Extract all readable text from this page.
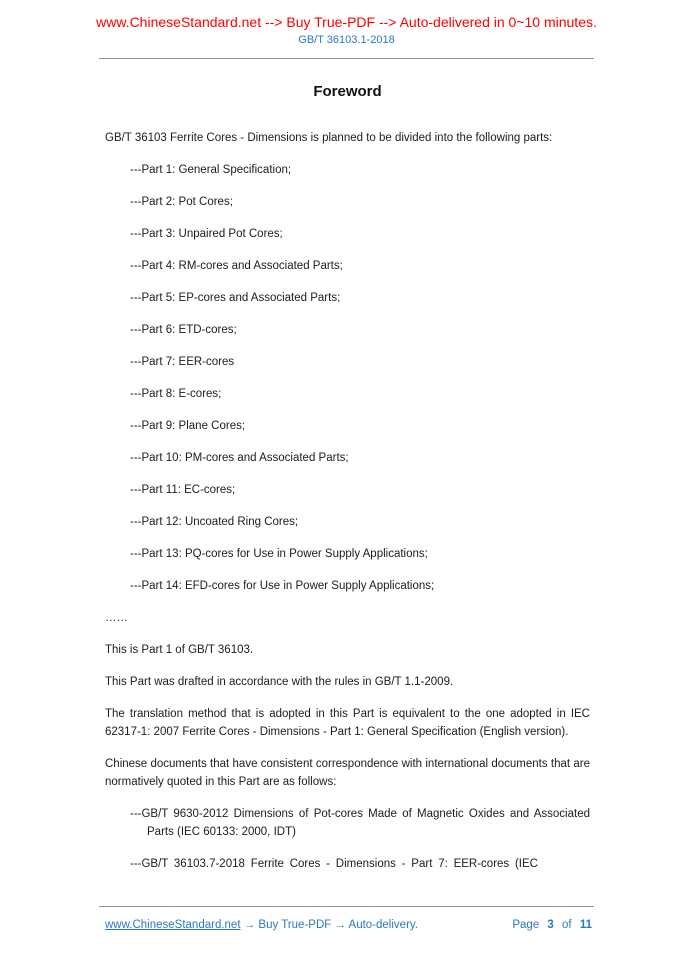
www.ChineseStandard.net --> Buy True-PDF --> Auto-delivered in 0~10 minutes.
GB/T 36103.1-2018
Foreword

GB/T 36103 Ferrite Cores - Dimensions is planned to be divided into the following parts:

---Part 1: General Specification;

---Part 2: Pot Cores;

---Part 3: Unpaired Pot Cores;

---Part 4: RM-cores and Associated Parts;

---Part 5: EP-cores and Associated Parts;

---Part 6: ETD-cores;

---Part 7: EER-cores

---Part 8: E-cores;

---Part 9: Plane Cores;

---Part 10: PM-cores and Associated Parts;

---Part 11: EC-cores;

---Part 12: Uncoated Ring Cores;

---Part 13: PQ-cores for Use in Power Supply Applications;

---Part 14: EFD-cores for Use in Power Supply Applications;

……

This is Part 1 of GB/T 36103.

This Part was drafted in accordance with the rules in GB/T 1.1-2009.

The translation method that is adopted in this Part is equivalent to the one adopted in IEC 62317-1: 2007 Ferrite Cores - Dimensions - Part 1: General Specification (English version).

Chinese documents that have consistent correspondence with international documents that are normatively quoted in this Part are as follows:

---GB/T 9630-2012 Dimensions of Pot-cores Made of Magnetic Oxides and Associated Parts (IEC 60133: 2000, IDT)

---GB/T 36103.7-2018 Ferrite Cores - Dimensions - Part 7: EER-cores (IEC

www.ChineseStandard.net → Buy True-PDF → Auto-delivery.	Page 3 of 11
